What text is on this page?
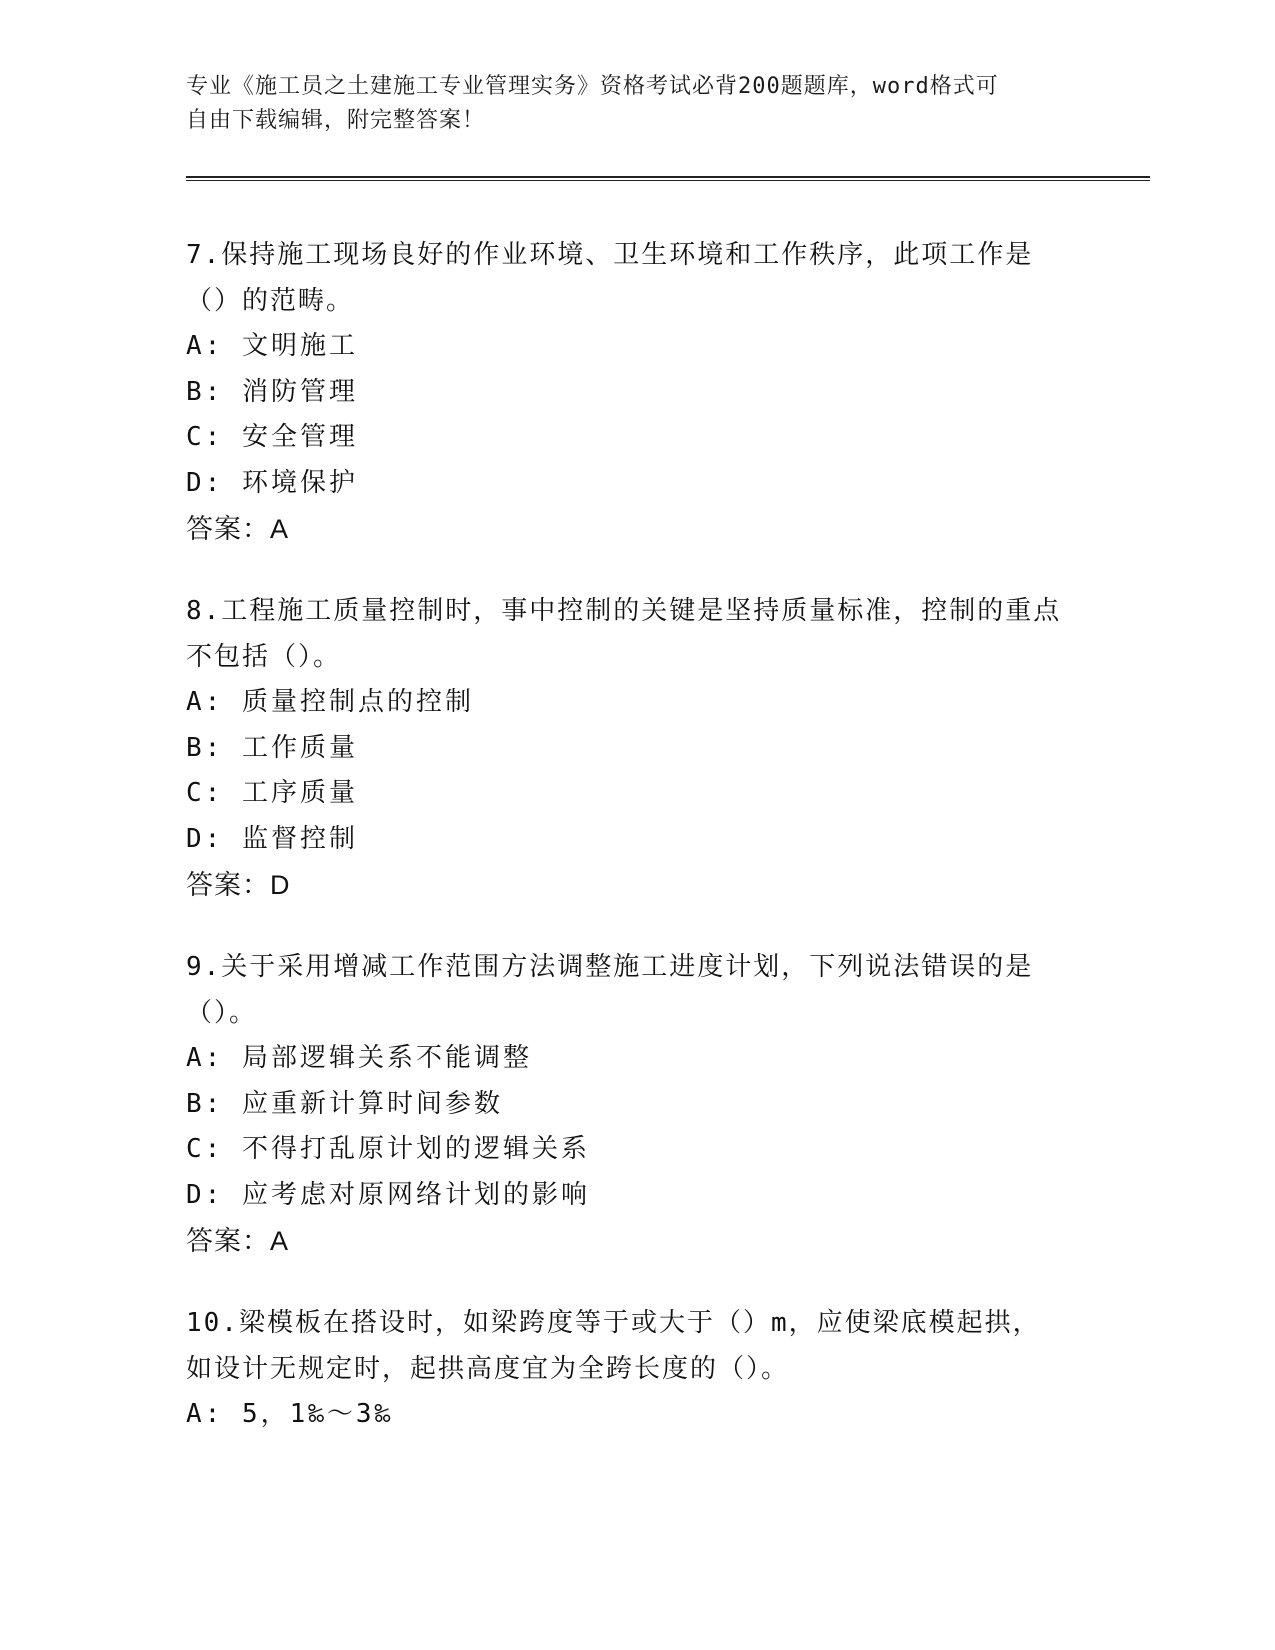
专业《施工员之土建施工专业管理实务》资格考试必背200题题库，word格式可
自由下载编辑，附完整答案！

7.保持施工现场良好的作业环境、卫生环境和工作秩序，此项工作是（）的范畴。

A: 文明施工

B: 消防管理

C: 安全管理

D: 环境保护

答案：A

8.工程施工质量控制时，事中控制的关键是坚持质量标准，控制的重点不包括（）。

A: 质量控制点的控制

B: 工作质量

C: 工序质量

D: 监督控制

答案：D

9.关于采用增减工作范围方法调整施工进度计划，下列说法错误的是（）。

A: 局部逻辑关系不能调整

B: 应重新计算时间参数

C: 不得打乱原计划的逻辑关系

D: 应考虑对原网络计划的影响

答案：A

10.梁模板在搭设时，如梁跨度等于或大于（）m，应使梁底模起拱，如设计无规定时，起拱高度宜为全跨长度的（）。

A: 5，1‰～3‰
